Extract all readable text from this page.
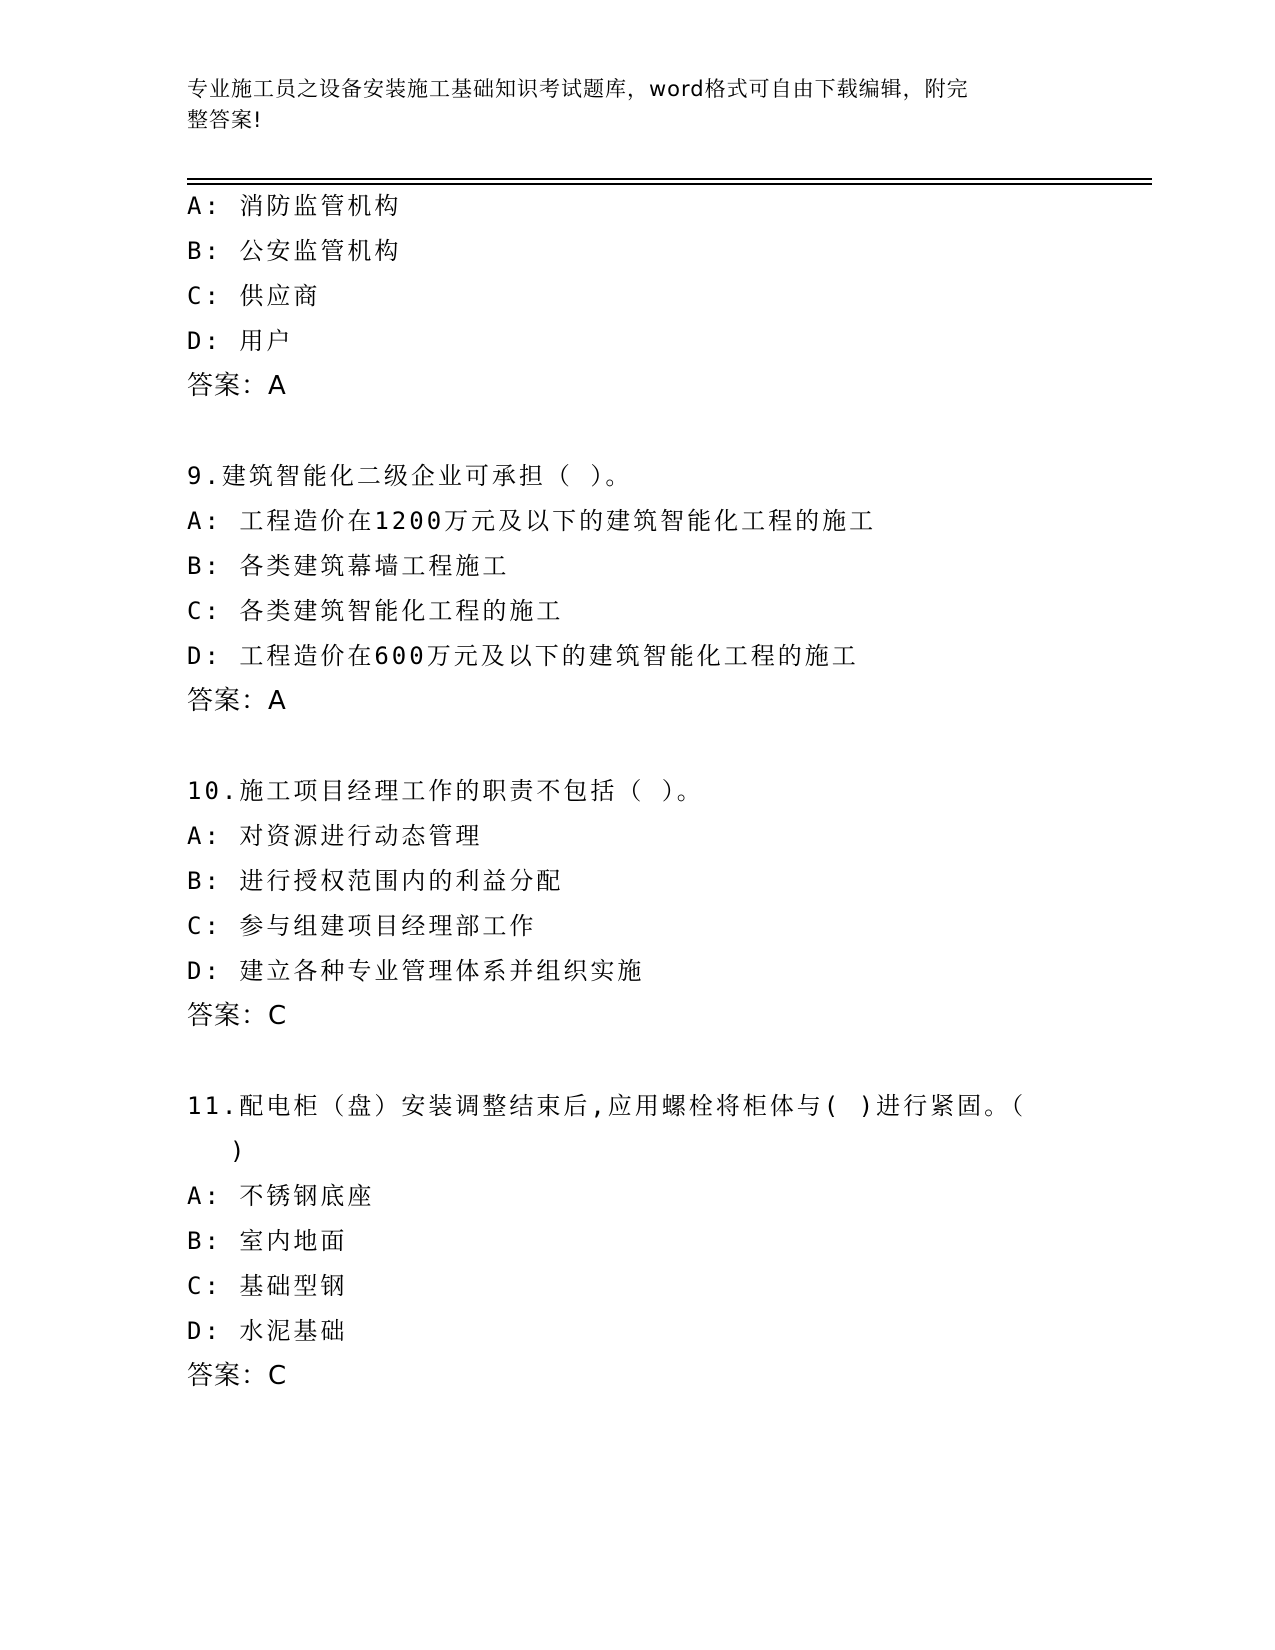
专业施工员之设备安装施工基础知识考试题库，word格式可自由下载编辑，附完
整答案!
A: 消防监管机构
B: 公安监管机构
C: 供应商
D: 用户
答案：A
9.建筑智能化二级企业可承担（ ）。
A: 工程造价在1200万元及以下的建筑智能化工程的施工
B: 各类建筑幕墙工程施工
C: 各类建筑智能化工程的施工
D: 工程造价在600万元及以下的建筑智能化工程的施工
答案：A
10.施工项目经理工作的职责不包括（ ）。
A: 对资源进行动态管理
B: 进行授权范围内的利益分配
C: 参与组建项目经理部工作
D: 建立各种专业管理体系并组织实施
答案：C
11.配电柜（盘）安装调整结束后,应用螺栓将柜体与( )进行紧固。（
)
A: 不锈钢底座
B: 室内地面
C: 基础型钢
D: 水泥基础
答案：C
